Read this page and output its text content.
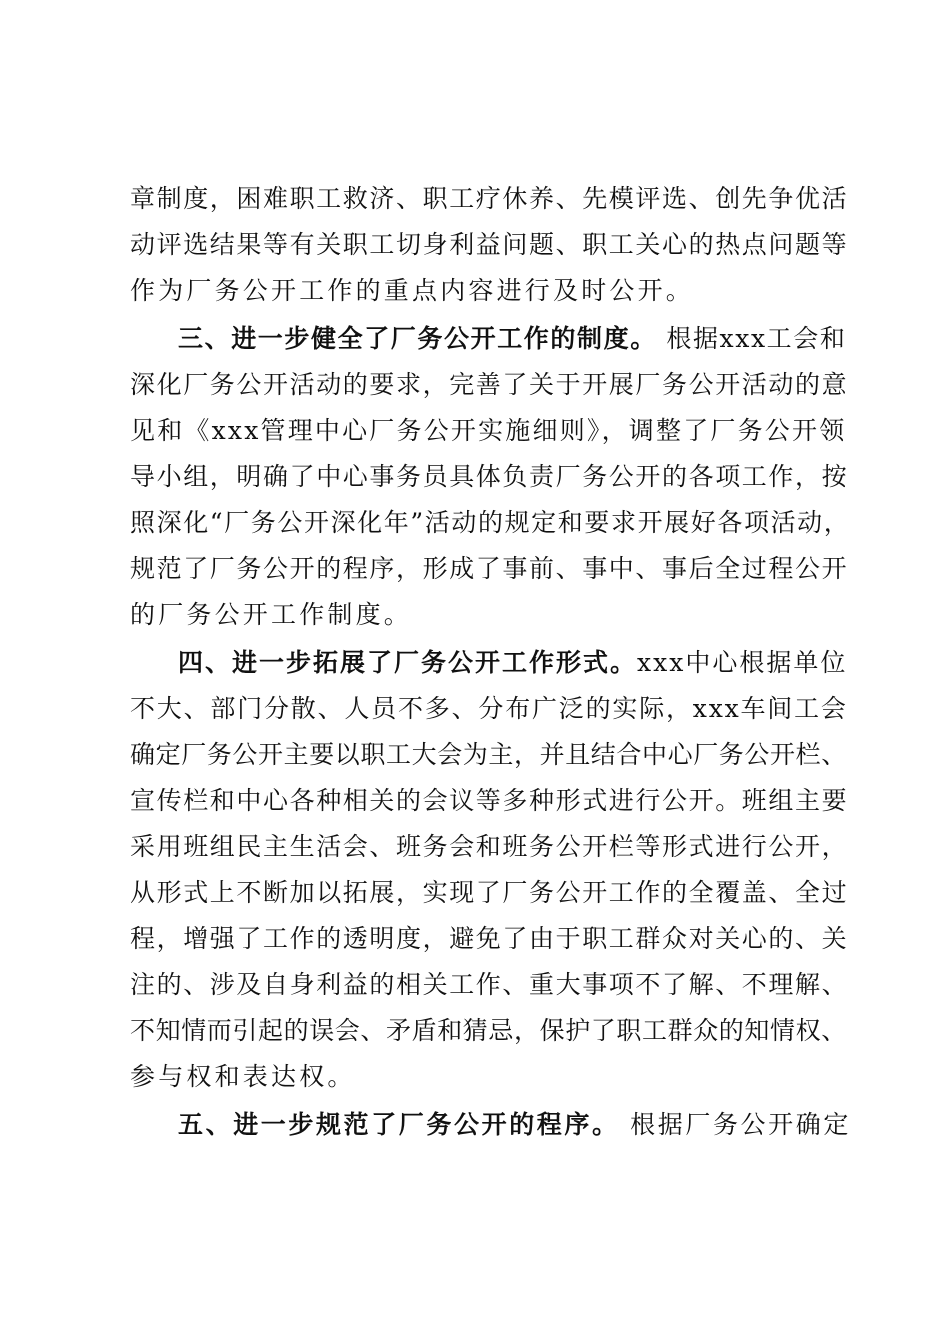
章制度，困难职工救济、职工疗休养、先模评选、创先争优活
动评选结果等有关职工切身利益问题、职工关心的热点问题等
作为厂务公开工作的重点内容进行及时公开。
三、进一步健全了厂务公开工作的制度。 根据xxx工会和
深化厂务公开活动的要求，完善了关于开展厂务公开活动的意
见和《xxx管理中心厂务公开实施细则》，调整了厂务公开领
导小组，明确了中心事务员具体负责厂务公开的各项工作，按
照深化“厂务公开深化年”活动的规定和要求开展好各项活动，
规范了厂务公开的程序，形成了事前、事中、事后全过程公开
的厂务公开工作制度。
四、进一步拓展了厂务公开工作形式。xxx中心根据单位
不大、部门分散、人员不多、分布广泛的实际，xxx车间工会
确定厂务公开主要以职工大会为主，并且结合中心厂务公开栏、
宣传栏和中心各种相关的会议等多种形式进行公开。班组主要
采用班组民主生活会、班务会和班务公开栏等形式进行公开，
从形式上不断加以拓展，实现了厂务公开工作的全覆盖、全过
程，增强了工作的透明度，避免了由于职工群众对关心的、关
注的、涉及自身利益的相关工作、重大事项不了解、不理解、
不知情而引起的误会、矛盾和猜忌，保护了职工群众的知情权、
参与权和表达权。
五、进一步规范了厂务公开的程序。 根据厂务公开确定
